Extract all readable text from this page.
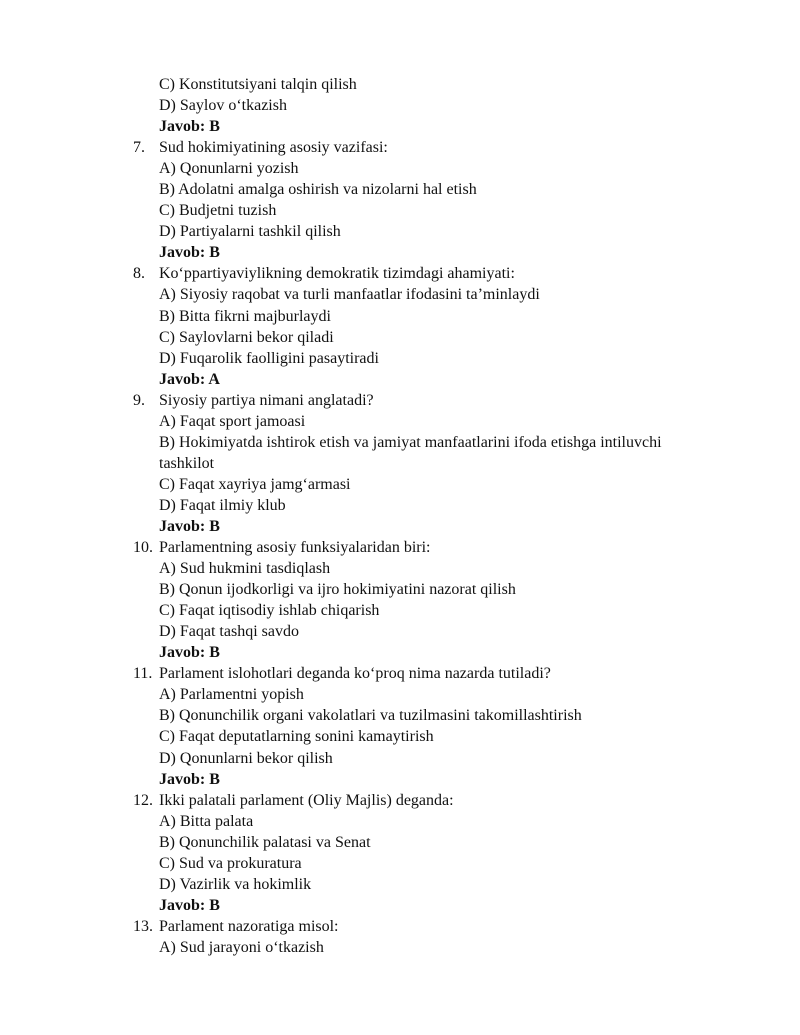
C) Konstitutsiyani talqin qilish
D) Saylov o‘tkazish
Javob: B
7. Sud hokimiyatining asosiy vazifasi:
A) Qonunlarni yozish
B) Adolatni amalga oshirish va nizolarni hal etish
C) Budjetni tuzish
D) Partiyalarni tashkil qilish
Javob: B
8. Ko‘ppartiyaviylikning demokratik tizimdagi ahamiyati:
A) Siyosiy raqobat va turli manfaatlar ifodasini ta’minlaydi
B) Bitta fikrni majburlaydi
C) Saylovlarni bekor qiladi
D) Fuqarolik faolligini pasaytiradi
Javob: A
9. Siyosiy partiya nimani anglatadi?
A) Faqat sport jamoasi
B) Hokimiyatda ishtirok etish va jamiyat manfaatlarini ifoda etishga intiluvchi
tashkilot
C) Faqat xayriya jamg‘armasi
D) Faqat ilmiy klub
Javob: B
10. Parlamentning asosiy funksiyalaridan biri:
A) Sud hukmini tasdiqlash
B) Qonun ijodkorligi va ijro hokimiyatini nazorat qilish
C) Faqat iqtisodiy ishlab chiqarish
D) Faqat tashqi savdo
Javob: B
11. Parlament islohotlari deganda ko‘proq nima nazarda tutiladi?
A) Parlamentni yopish
B) Qonunchilik organi vakolatlari va tuzilmasini takomillashtirish
C) Faqat deputatlarning sonini kamaytirish
D) Qonunlarni bekor qilish
Javob: B
12. Ikki palatali parlament (Oliy Majlis) deganda:
A) Bitta palata
B) Qonunchilik palatasi va Senat
C) Sud va prokuratura
D) Vazirlik va hokimlik
Javob: B
13. Parlament nazoratiga misol:
A) Sud jarayoni o‘tkazish
